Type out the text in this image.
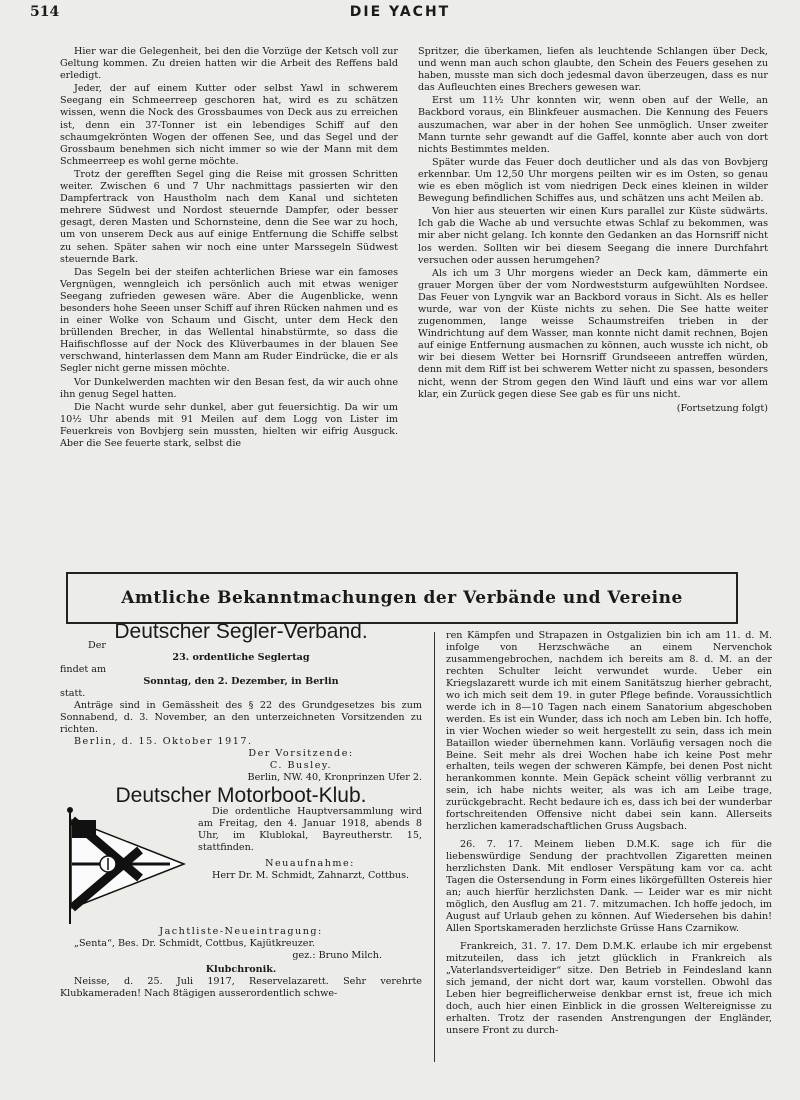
514	DIE YACHT

Hier war die Gelegenheit, bei den die Vorzüge der Ketsch voll zur Geltung kommen. Zu dreien hatten wir die Arbeit des Reffens bald erledigt.

Jeder, der auf einem Kutter oder selbst Yawl in schwerem Seegang ein Schmeerreep geschoren hat, wird es zu schätzen wissen, wenn die Nock des Grossbaumes von Deck aus zu erreichen ist, denn ein 37-Tonner ist ein lebendiges Schiff auf den schaumgekrönten Wogen der offenen See, und das Segel und der Grossbaum benehmen sich nicht immer so wie der Mann mit dem Schmeerreep es wohl gerne möchte.

Trotz der gerefften Segel ging die Reise mit grossen Schritten weiter. Zwischen 6 und 7 Uhr nachmittags passierten wir den Dampfertrack von Haustholm nach dem Kanal und sichteten mehrere Südwest und Nordost steuernde Dampfer, oder besser gesagt, deren Masten und Schornsteine, denn die See war zu hoch, um von unserem Deck aus auf einige Entfernung die Schiffe selbst zu sehen. Später sahen wir noch eine unter Marssegeln Südwest steuernde Bark.

Das Segeln bei der steifen achterlichen Briese war ein famoses Vergnügen, wenngleich ich persönlich auch mit etwas weniger Seegang zufrieden gewesen wäre. Aber die Augenblicke, wenn besonders hohe Seeen unser Schiff auf ihren Rücken nahmen und es in einer Wolke von Schaum und Gischt, unter dem Heck den brüllenden Brecher, in das Wellental hinabstürmte, so dass die Haifischflosse auf der Nock des Klüverbaumes in der blauen See verschwand, hinterlassen dem Mann am Ruder Eindrücke, die er als Segler nicht gerne missen möchte.

Vor Dunkelwerden machten wir den Besan fest, da wir auch ohne ihn genug Segel hatten.

Die Nacht wurde sehr dunkel, aber gut feuersichtig. Da wir um 10½ Uhr abends mit 91 Meilen auf dem Logg von Lister im Feuerkreis von Bovbjerg sein mussten, hielten wir eifrig Ausguck. Aber die See feuerte stark, selbst die

Spritzer, die überkamen, liefen als leuchtende Schlangen über Deck, und wenn man auch schon glaubte, den Schein des Feuers gesehen zu haben, musste man sich doch jedesmal davon überzeugen, dass es nur das Aufleuchten eines Brechers gewesen war.

Erst um 11½ Uhr konnten wir, wenn oben auf der Welle, an Backbord voraus, ein Blinkfeuer ausmachen. Die Kennung des Feuers auszumachen, war aber in der hohen See unmöglich. Unser zweiter Mann turnte sehr gewandt auf die Gaffel, konnte aber auch von dort nichts Bestimmtes melden.

Später wurde das Feuer doch deutlicher und als das von Bovbjerg erkennbar. Um 12,50 Uhr morgens peilten wir es im Osten, so genau wie es eben möglich ist vom niedrigen Deck eines kleinen in wilder Bewegung befindlichen Schiffes aus, und schätzen uns acht Meilen ab.

Von hier aus steuerten wir einen Kurs parallel zur Küste südwärts. Ich gab die Wache ab und versuchte etwas Schlaf zu bekommen, was mir aber nicht gelang. Ich konnte den Gedanken an das Hornsriff nicht los werden. Sollten wir bei diesem Seegang die innere Durchfahrt versuchen oder aussen herumgehen?

Als ich um 3 Uhr morgens wieder an Deck kam, dämmerte ein grauer Morgen über der vom Nordweststurm aufgewühlten Nordsee. Das Feuer von Lyngvik war an Backbord voraus in Sicht. Als es heller wurde, war von der Küste nichts zu sehen. Die See hatte weiter zugenommen, lange weisse Schaumstreifen trieben in der Windrichtung auf dem Wasser, man konnte nicht damit rechnen, Bojen auf einige Entfernung ausmachen zu können, auch wusste ich nicht, ob wir bei diesem Wetter bei Hornsriff Grundseeen antreffen würden, denn mit dem Riff ist bei schwerem Wetter nicht zu spassen, besonders nicht, wenn der Strom gegen den Wind läuft und eins war vor allem klar, ein Zurück gegen diese See gab es für uns nicht.

(Fortsetzung folgt)
Amtliche Bekanntmachungen der Verbände und Vereine
Deutscher Segler-Verband.
Der
23. ordentliche Seglertag
findet am
Sonntag, den 2. Dezember, in Berlin
statt.
Anträge sind in Gemässheit des § 22 des Grundgesetzes bis zum Sonnabend, d. 3. November, an den unterzeichneten Vorsitzenden zu richten.
Berlin, d. 15. Oktober 1917.
Der Vorsitzende:
C. Busley.
Berlin, NW. 40, Kronprinzen Ufer 2.
Deutscher Motorboot-Klub.
Die ordentliche Hauptversammlung wird am Freitag, den 4. Januar 1918, abends 8 Uhr, im Klublokal, Bayreutherstr. 15, stattfinden.
Neuaufnahme:
Herr Dr. M. Schmidt, Zahnarzt, Cottbus.
Jachtliste-Neueintragung:
„Senta“, Bes. Dr. Schmidt, Cottbus, Kajütkreuzer.
gez.: Bruno Milch.
Klubchronik.
Neisse, d. 25. Juli 1917, Reservelazarett. Sehr verehrte Klubkameraden! Nach 8tägigen ausserordentlich schwe-

ren Kämpfen und Strapazen in Ostgalizien bin ich am 11. d. M. infolge von Herzschwäche an einem Nervenchok zusammengebrochen, nachdem ich bereits am 8. d. M. an der rechten Schulter leicht verwundet wurde. Ueber ein Kriegslazarett wurde ich mit einem Sanitätszug hierher gebracht, wo ich mich seit dem 19. in guter Pflege befinde. Voraussichtlich werde ich in 8—10 Tagen nach einem Sanatorium abgeschoben werden. Es ist ein Wunder, dass ich noch am Leben bin. Ich hoffe, in vier Wochen wieder so weit hergestellt zu sein, dass ich mein Bataillon wieder übernehmen kann. Vorläufig versagen noch die Beine. Seit mehr als drei Wochen habe ich keine Post mehr erhalten, teils wegen der schweren Kämpfe, bei denen Post nicht herankommen konnte. Mein Gepäck scheint völlig verbrannt zu sein, ich habe nichts weiter, als was ich am Leibe trage, zurückgebracht. Recht bedaure ich es, dass ich bei der wunderbar fortschreitenden Offensive nicht dabei sein kann. Allerseits herzlichen kameradschaftlichen Gruss Augsbach.

26. 7. 17. Meinem lieben D.M.K. sage ich für die liebenswürdige Sendung der prachtvollen Zigaretten meinen herzlichsten Dank. Mit endloser Verspätung kam vor ca. acht Tagen die Ostersendung in Form eines likörgefüllten Ostereis hier an; auch hierfür herzlichsten Dank. — Leider war es mir nicht möglich, den Ausflug am 21. 7. mitzumachen. Ich hoffe jedoch, im August auf Urlaub gehen zu können. Auf Wiedersehen bis dahin! Allen Sportskameraden herzlichste Grüsse Hans Czarnikow.

Frankreich, 31. 7. 17. Dem D.M.K. erlaube ich mir ergebenst mitzuteilen, dass ich jetzt glücklich in Frankreich als „Vaterlandsverteidiger“ sitze. Den Betrieb in Feindesland kann sich jemand, der nicht dort war, kaum vorstellen. Obwohl das Leben hier begreiflicherweise denkbar ernst ist, freue ich mich doch, auch hier einen Einblick in die grossen Weltereignisse zu erhalten. Trotz der rasenden Anstrengungen der Engländer, unsere Front zu durch-
